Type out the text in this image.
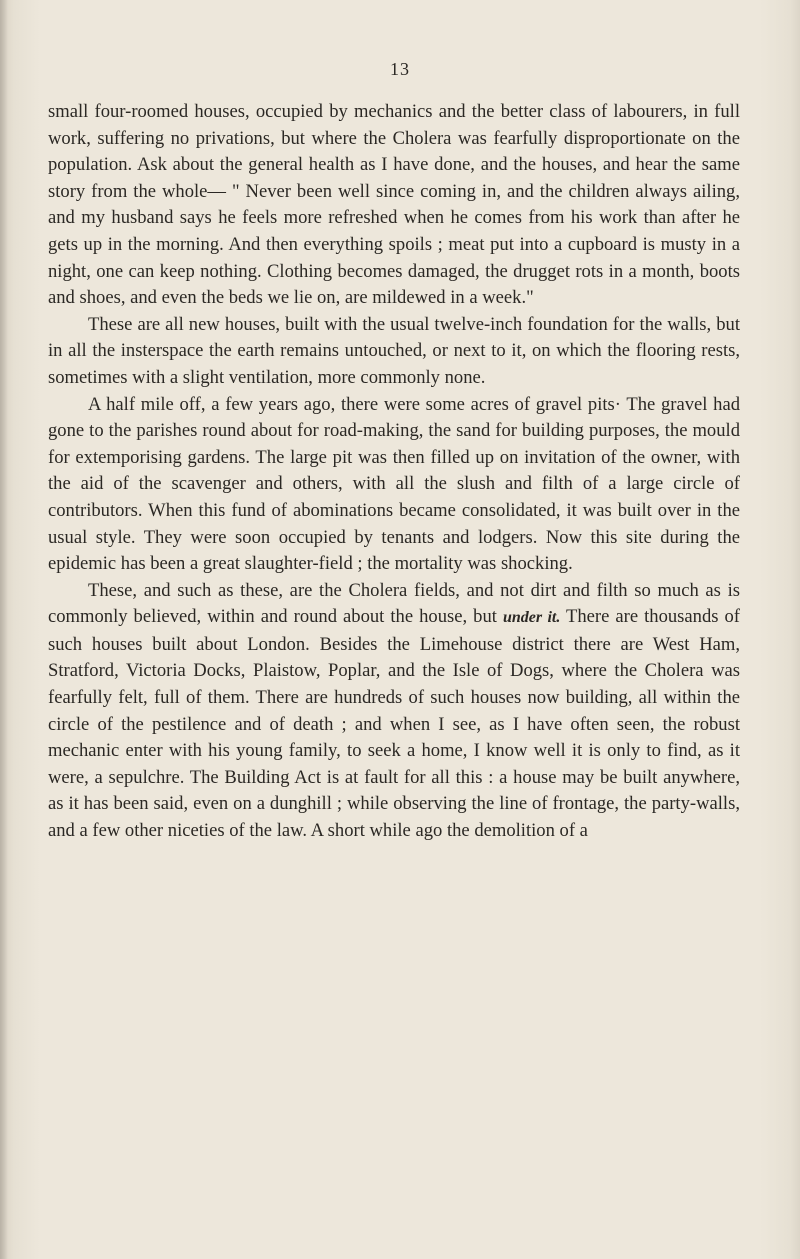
13

small four-roomed houses, occupied by mechanics and the better class of labourers, in full work, suffering no privations, but where the Cholera was fearfully disproportionate on the population. Ask about the general health as I have done, and the houses, and hear the same story from the whole— " Never been well since coming in, and the children always ailing, and my husband says he feels more refreshed when he comes from his work than after he gets up in the morning. And then everything spoils ; meat put into a cupboard is musty in a night, one can keep nothing. Clothing becomes damaged, the drugget rots in a month, boots and shoes, and even the beds we lie on, are mildewed in a week."

These are all new houses, built with the usual twelve-inch foundation for the walls, but in all the insterspace the earth remains untouched, or next to it, on which the flooring rests, sometimes with a slight ventilation, more commonly none.

A half mile off, a few years ago, there were some acres of gravel pits· The gravel had gone to the parishes round about for road-making, the sand for building purposes, the mould for extemporising gardens. The large pit was then filled up on invitation of the owner, with the aid of the scavenger and others, with all the slush and filth of a large circle of contributors. When this fund of abominations became consolidated, it was built over in the usual style. They were soon occupied by tenants and lodgers. Now this site during the epidemic has been a great slaughter-field ; the mortality was shocking.

These, and such as these, are the Cholera fields, and not dirt and filth so much as is commonly believed, within and round about the house, but under it. There are thousands of such houses built about London. Besides the Limehouse district there are West Ham, Stratford, Victoria Docks, Plaistow, Poplar, and the Isle of Dogs, where the Cholera was fearfully felt, full of them. There are hundreds of such houses now building, all within the circle of the pestilence and of death ; and when I see, as I have often seen, the robust mechanic enter with his young family, to seek a home, I know well it is only to find, as it were, a sepulchre. The Building Act is at fault for all this : a house may be built anywhere, as it has been said, even on a dunghill ; while observing the line of frontage, the party-walls, and a few other niceties of the law. A short while ago the demolition of a
